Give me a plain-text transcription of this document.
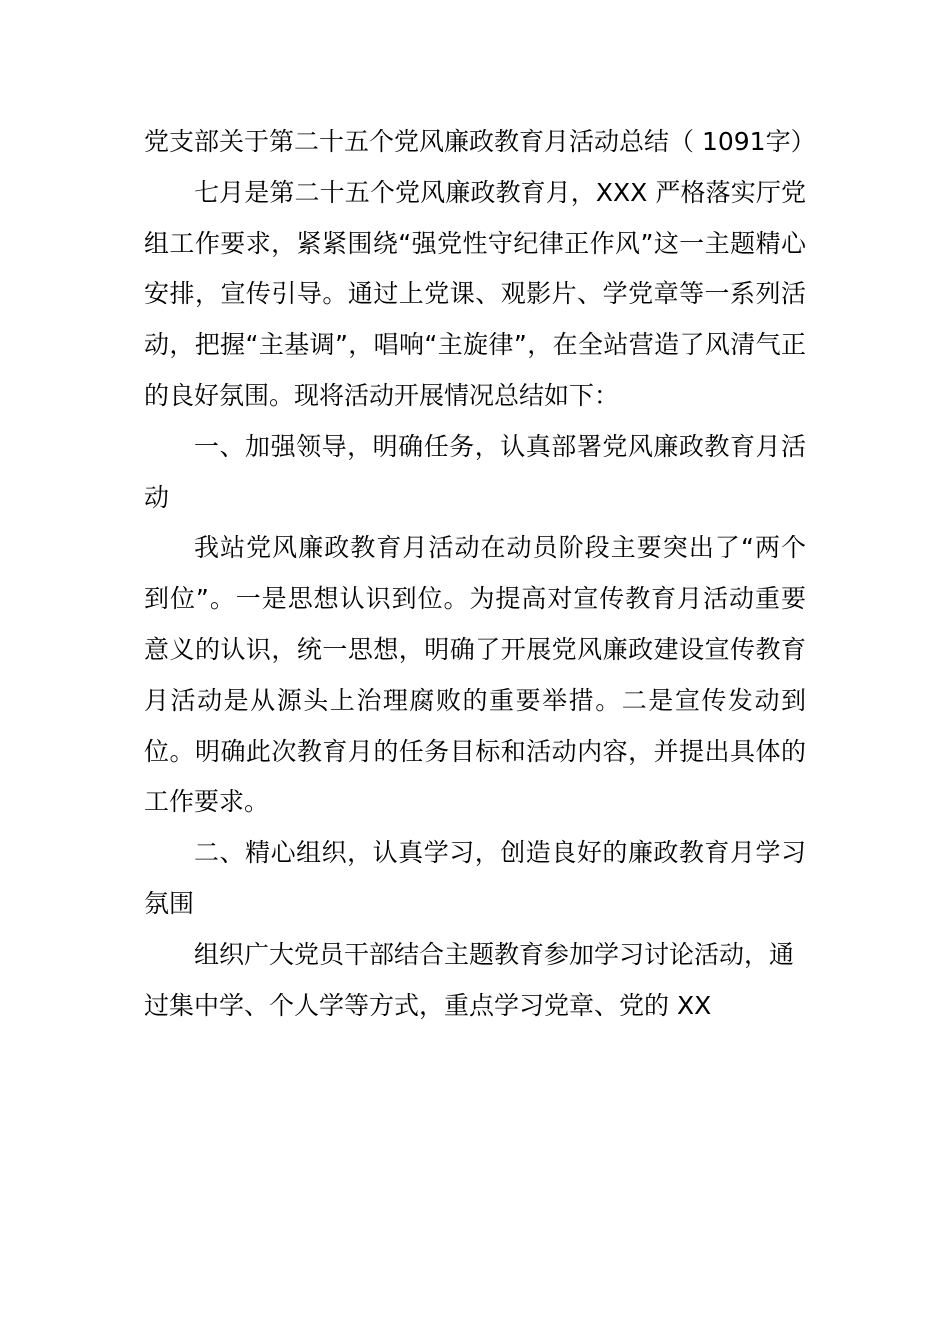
党支部关于第二十五个党风廉政教育月活动总结（ 1091字）

七月是第二十五个党风廉政教育月，XXX 严格落实厅党组工作要求，紧紧围绕“强党性守纪律正作风”这一主题精心安排，宣传引导。通过上党课、观影片、学党章等一系列活动，把握“主基调”，唱响“主旋律”，在全站营造了风清气正的良好氛围。现将活动开展情况总结如下：

一、加强领导，明确任务，认真部署党风廉政教育月活动

我站党风廉政教育月活动在动员阶段主要突出了“两个到位”。一是思想认识到位。为提高对宣传教育月活动重要意义的认识，统一思想，明确了开展党风廉政建设宣传教育月活动是从源头上治理腐败的重要举措。二是宣传发动到位。明确此次教育月的任务目标和活动内容，并提出具体的工作要求。

二、精心组织，认真学习，创造良好的廉政教育月学习氛围

组织广大党员干部结合主题教育参加学习讨论活动，通过集中学、个人学等方式，重点学习党章、党的 XX
